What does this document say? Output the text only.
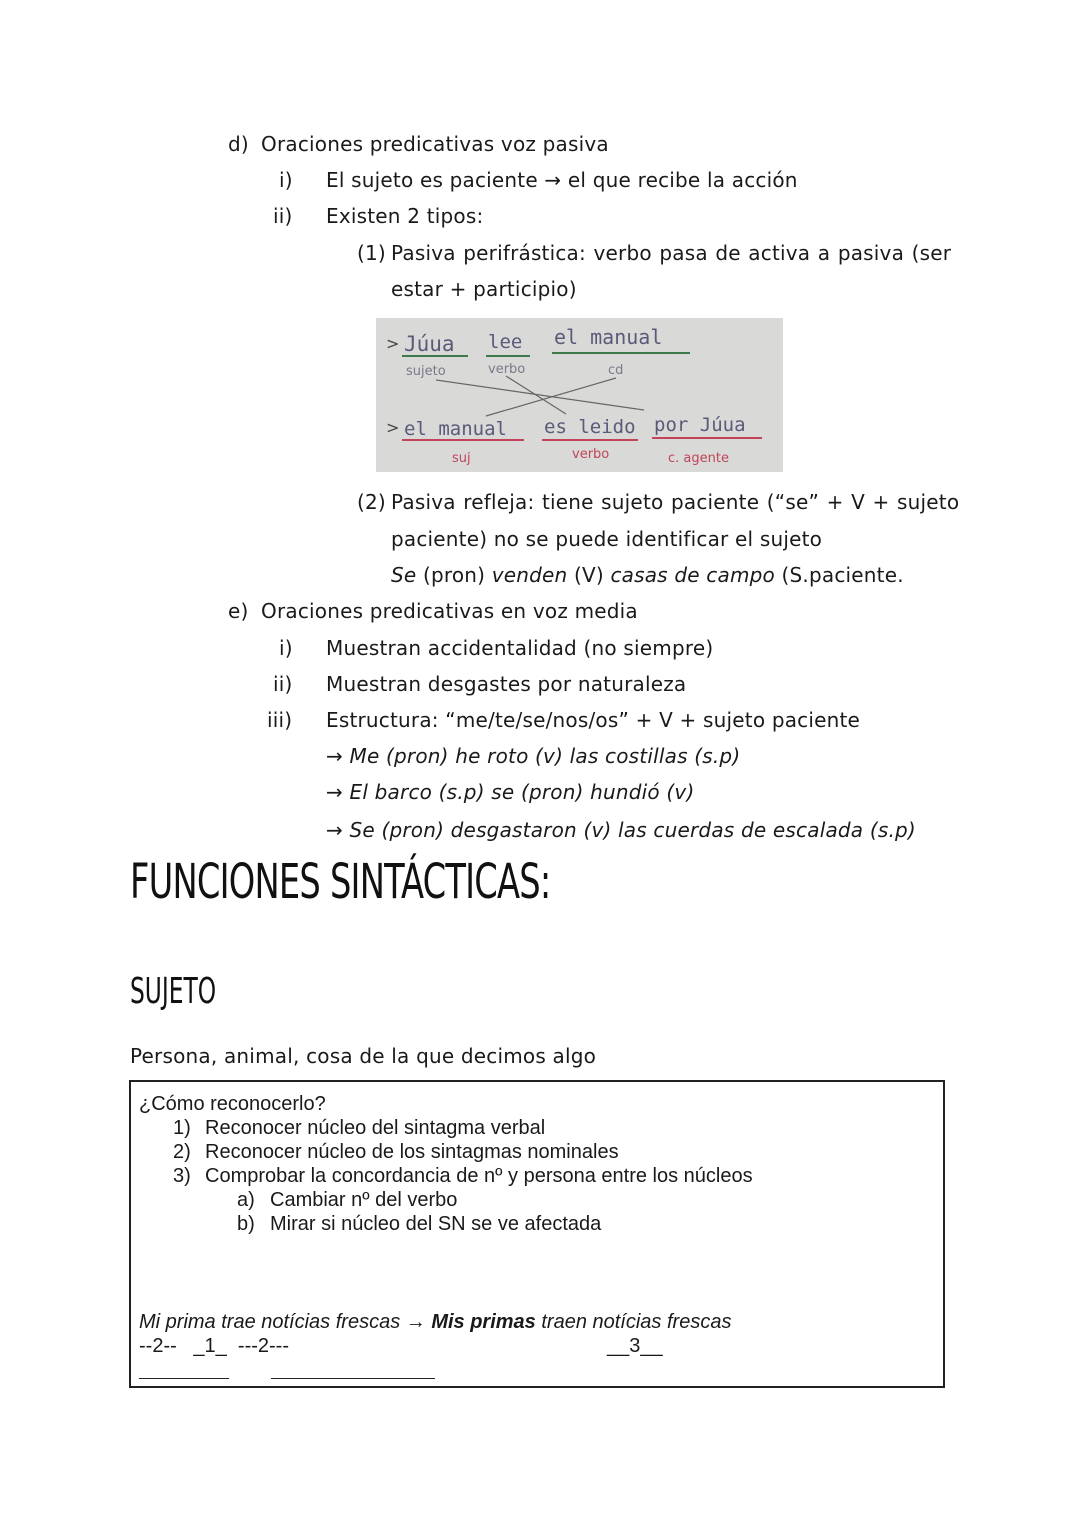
d) Oraciones predicativas voz pasiva
i) El sujeto es paciente → el que recibe la acción
ii) Existen 2 tipos:
(1) Pasiva perifrástica: verbo pasa de activa a pasiva (ser
estar + participio)
> Júua lee el manual
sujeto	verbo	cd
> el manual es leido por Júua
suj	verbo	c. agente
(2) Pasiva refleja: tiene sujeto paciente (“se” + V + sujeto
paciente) no se puede identificar el sujeto
Se (pron) venden (V) casas de campo (S.paciente.
e) Oraciones predicativas en voz media
i) Muestran accidentalidad (no siempre)
ii) Muestran desgastes por naturaleza
iii) Estructura: “me/te/se/nos/os” + V + sujeto paciente
→ Me (pron) he roto (v) las costillas (s.p)
→ El barco (s.p) se (pron) hundió (v)
→ Se (pron) desgastaron (v) las cuerdas de escalada (s.p)
FUNCIONES SINTÁCTICAS:
SUJETO
Persona, animal, cosa de la que decimos algo
¿Cómo reconocerlo?
1) Reconocer núcleo del sintagma verbal
2) Reconocer núcleo de los sintagmas nominales
3) Comprobar la concordancia de nº y persona entre los núcleos
a) Cambiar nº del verbo
b) Mirar si núcleo del SN se ve afectada
Mi prima trae notícias frescas → Mis primas traen notícias frescas
--2--   _1_  ---2---	__3__
